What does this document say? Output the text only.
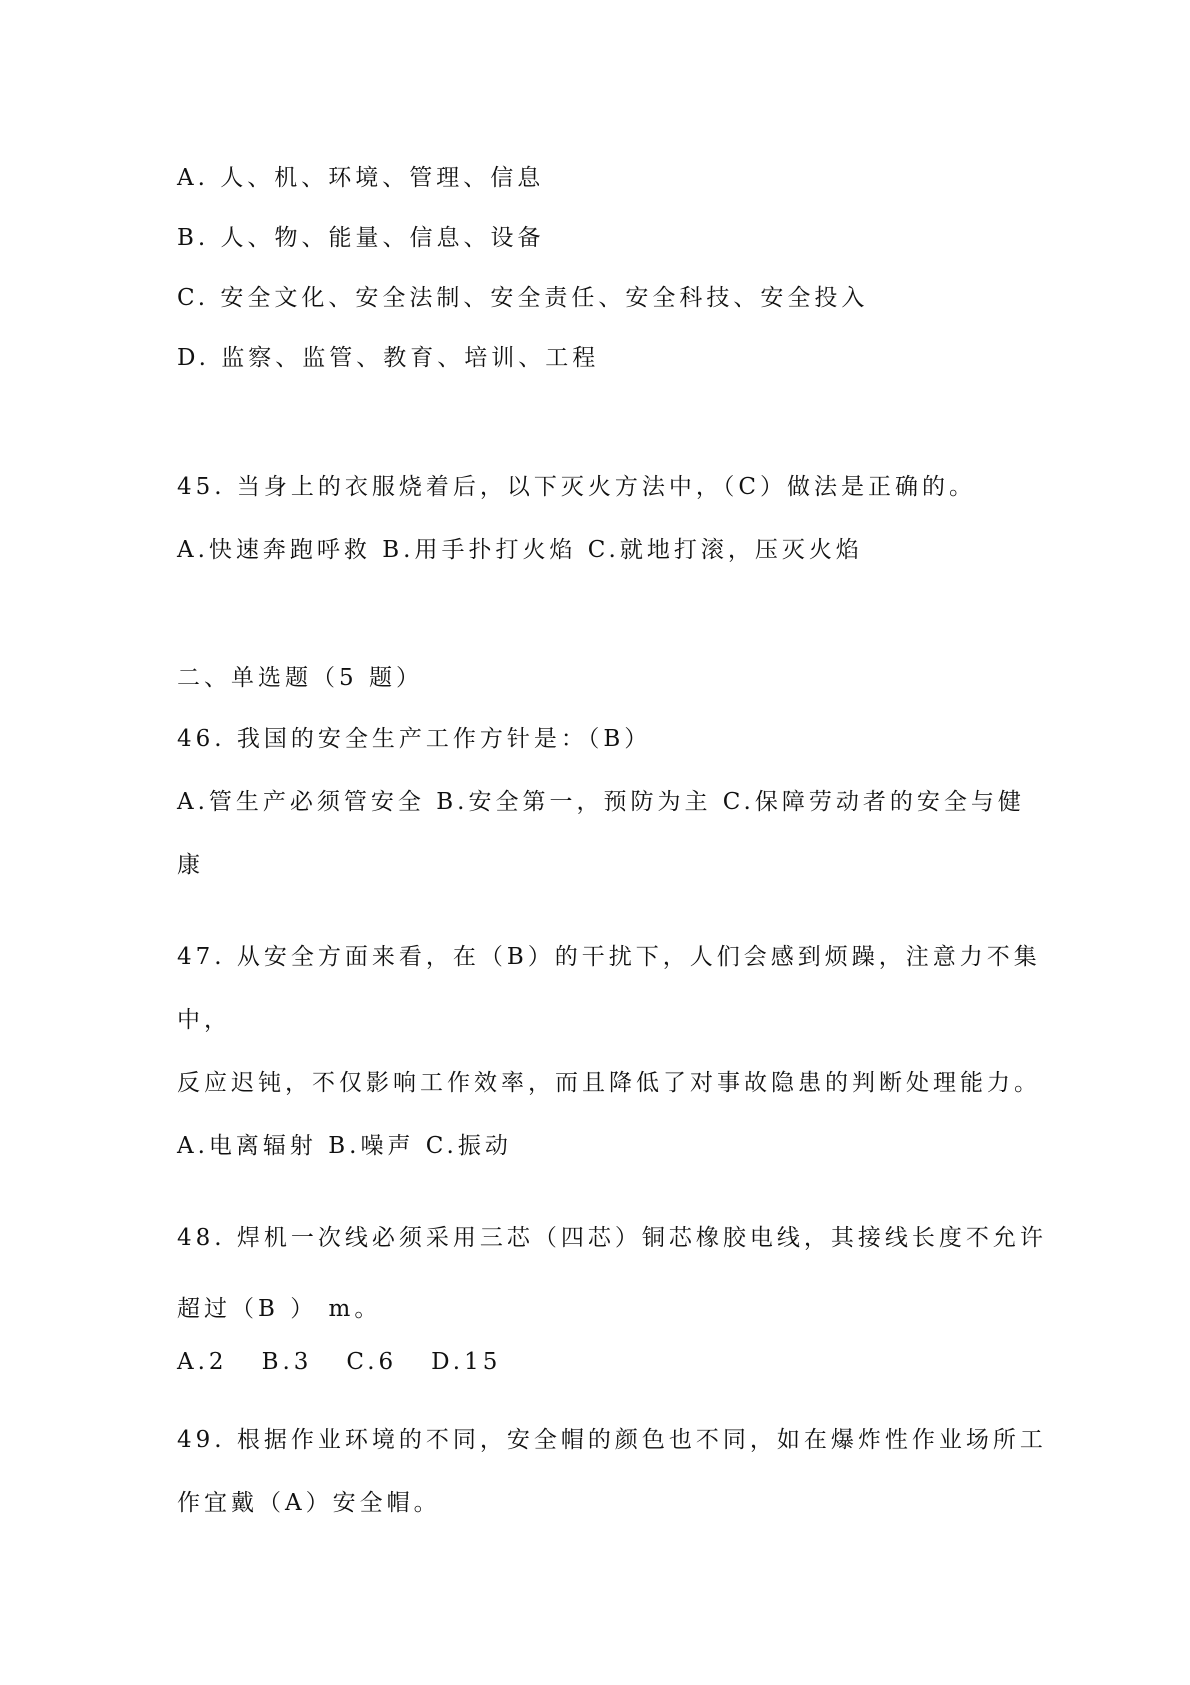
A. 人、机、环境、管理、信息
B. 人、物、能量、信息、设备
C. 安全文化、安全法制、安全责任、安全科技、安全投入
D. 监察、监管、教育、培训、工程
45. 当身上的衣服烧着后，以下灭火方法中，（C）做法是正确的。
A.快速奔跑呼救 B.用手扑打火焰 C.就地打滚，压灭火焰
二、单选题（5 题）
46. 我国的安全生产工作方针是：（B）
A.管生产必须管安全 B.安全第一，预防为主 C.保障劳动者的安全与健
康
47. 从安全方面来看，在（B）的干扰下，人们会感到烦躁，注意力不集
中，
反应迟钝，不仅影响工作效率，而且降低了对事故隐患的判断处理能力。
A.电离辐射 B.噪声 C.振动
48. 焊机一次线必须采用三芯（四芯）铜芯橡胶电线，其接线长度不允许
超过（B ） m。
A.2 B.3 C.6 D.15
49. 根据作业环境的不同，安全帽的颜色也不同，如在爆炸性作业场所工
作宜戴（A）安全帽。
